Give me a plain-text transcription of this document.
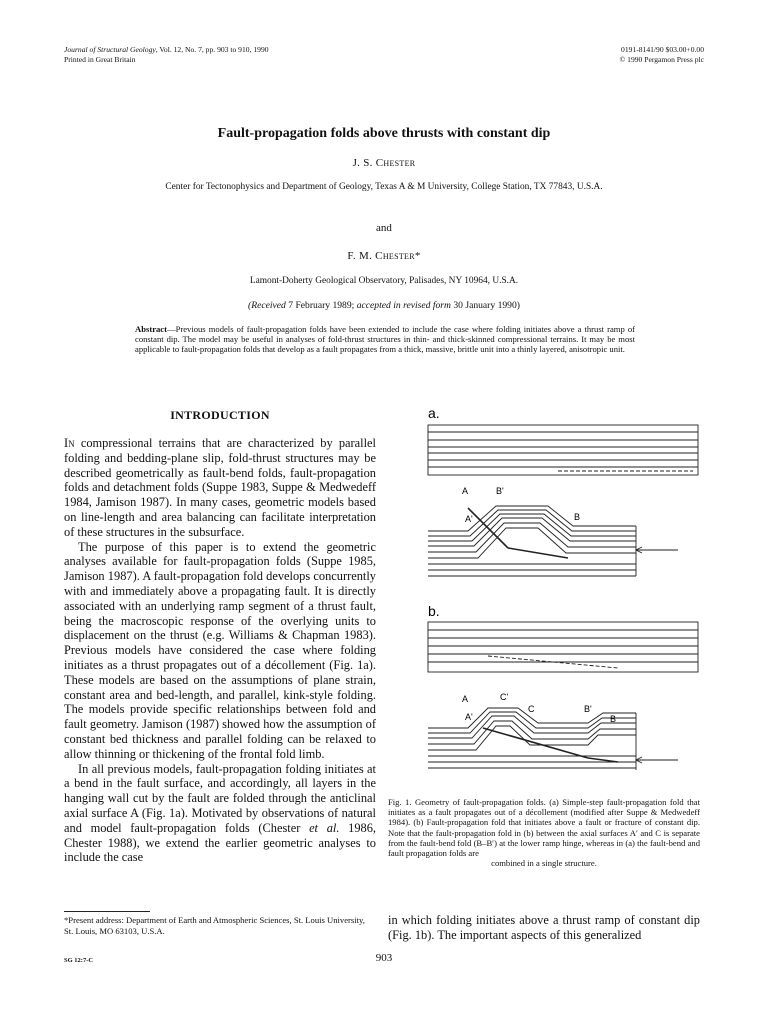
Journal of Structural Geology, Vol. 12, No. 7, pp. 903 to 910, 1990
Printed in Great Britain
0191-8141/90 $03.00+0.00
© 1990 Pergamon Press plc
Fault-propagation folds above thrusts with constant dip
J. S. Chester
Center for Tectonophysics and Department of Geology, Texas A & M University, College Station, TX 77843, U.S.A.
and
F. M. Chester*
Lamont-Doherty Geological Observatory, Palisades, NY 10964, U.S.A.
(Received 7 February 1989; accepted in revised form 30 January 1990)
Abstract—Previous models of fault-propagation folds have been extended to include the case where folding initiates above a thrust ramp of constant dip. The model may be useful in analyses of fold-thrust structures in thin- and thick-skinned compressional terrains. It may be most applicable to fault-propagation folds that develop as a fault propagates from a thick, massive, brittle unit into a thinly layered, anisotropic unit.
INTRODUCTION

In compressional terrains that are characterized by parallel folding and bedding-plane slip, fold-thrust structures may be described geometrically as fault-bend folds, fault-propagation folds and detachment folds (Suppe 1983, Suppe & Medwedeff 1984, Jamison 1987). In many cases, geometric models based on line-length and area balancing can facilitate interpretation of these structures in the subsurface.

The purpose of this paper is to extend the geometric analyses available for fault-propagation folds (Suppe 1985, Jamison 1987). A fault-propagation fold develops concurrently with and immediately above a propagating fault. It is directly associated with an underlying ramp segment of a thrust fault, being the macroscopic response of the overlying units to displacement on the thrust (e.g. Williams & Chapman 1983). Previous models have considered the case where folding initiates as a thrust propagates out of a décollement (Fig. 1a). These models are based on the assumptions of plane strain, constant area and bed-length, and parallel, kink-style folding. The models provide specific relationships between fold and fault geometry. Jamison (1987) showed how the assumption of constant bed thickness and parallel folding can be relaxed to allow thinning or thickening of the frontal fold limb.

In all previous models, fault-propagation folding initiates at a bend in the fault surface, and accordingly, all layers in the hanging wall cut by the fault are folded through the anticlinal axial surface A (Fig. 1a). Motivated by observations of natural and model fault-propagation folds (Chester et al. 1986, Chester 1988), we extend the earlier geometric analyses to include the case

*Present address: Department of Earth and Atmospheric Sciences, St. Louis University, St. Louis, MO 63103, U.S.A.
in which folding initiates above a thrust ramp of constant dip (Fig. 1b). The important aspects of this generalized
a.
A	B'
A'	B
b.
A	C'
A'
C	B'
B
Fig. 1. Geometry of fault-propagation folds. (a) Simple-step fault-propagation fold that initiates as a fault propagates out of a décollement (modified after Suppe & Medwedeff 1984). (b) Fault-propagation fold that initiates above a fault or fracture of constant dip. Note that the fault-propagation fold in (b) between the axial surfaces A′ and C is separate from the fault-bend fold (B–B′) at the lower ramp hinge, whereas in (a) the fault-bend and fault propagation folds are
combined in a single structure.
903
SG 12:7-C
